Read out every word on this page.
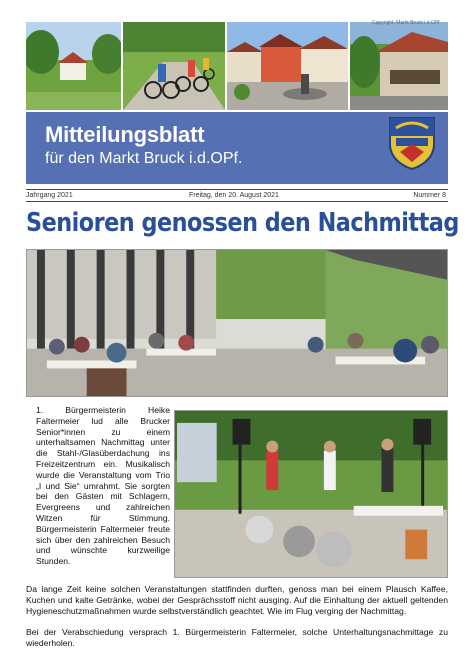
Copyright: Markt Bruck i.d.OPf.
Mitteilungsblatt
für den Markt Bruck i.d.OPf.
Jahrgang 2021	Freitag, den 20. August 2021	Nummer 8
Senioren genossen den Nachmittag

1. Bürgermeisterin Heike Faltermeier lud alle Brucker Senior*innen zu einem unterhaltsamen Nachmittag unter die Stahl-/Glasüberdachung ins Freizeitzentrum ein. Musikalisch wurde die Veranstaltung vom Trio „I und Sie“ umrahmt. Sie sorgten bei den Gästen mit Schlagern, Evergreens und zahlreichen Witzen für Stimmung. Bürgermeisterin Faltermeier freute sich über den zahlreichen Besuch und wünschte kurzweilige Stunden.

Da lange Zeit keine solchen Veranstaltungen stattfinden durften, genoss man bei einem Plausch Kaffee, Kuchen und kalte Getränke, wobei der Gesprächsstoff nicht ausging. Auf die Einhaltung der aktuell geltenden Hygieneschutzmaßnahmen wurde selbstverständlich geachtet. Wie im Flug verging der Nachmittag.

Bei der Verabschiedung versprach 1. Bürgermeisterin Faltermeier, solche Unterhaltungsnachmittage zu wiederholen.
